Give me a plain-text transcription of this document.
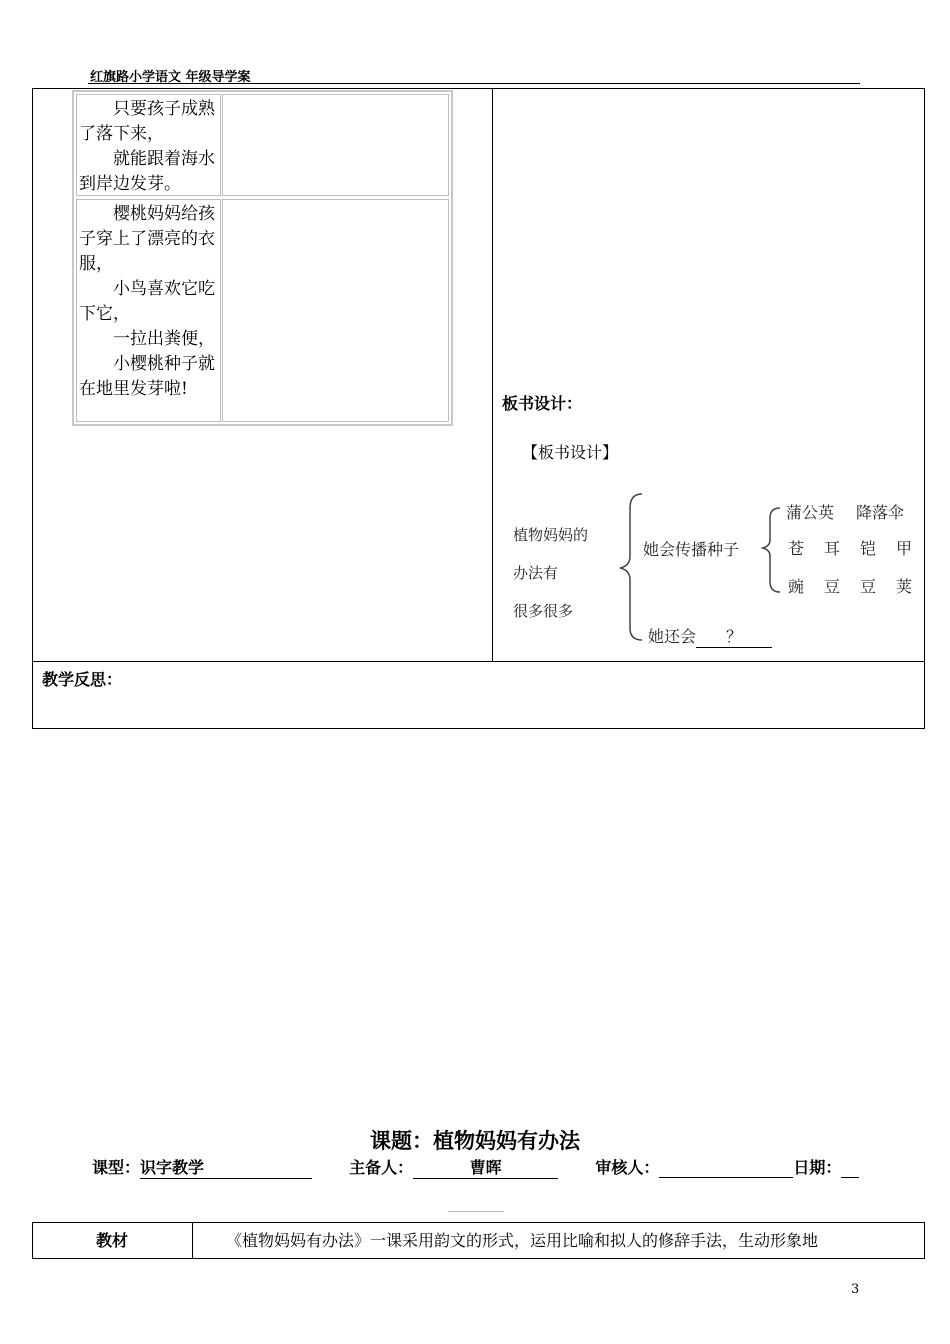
红旗路小学语文 年级导学案
只要孩子成熟了落下来，
就能跟着海水到岸边发芽。
樱桃妈妈给孩子穿上了漂亮的衣服，
小鸟喜欢它吃下它，
一拉出粪便，
小樱桃种子就在地里发芽啦!
板书设计：
【板书设计】
植物妈妈的
办法有
很多很多
她会传播种子
她还会 ？
蒲公英 降落伞
苍 耳 铠 甲
豌 豆 豆 荚
教学反思：
课题：植物妈妈有办法
课型：识字教学	主备人：	曹晖	审核人：	日期：
教材	《植物妈妈有办法》一课采用韵文的形式，运用比喻和拟人的修辞手法，生动形象地
3
